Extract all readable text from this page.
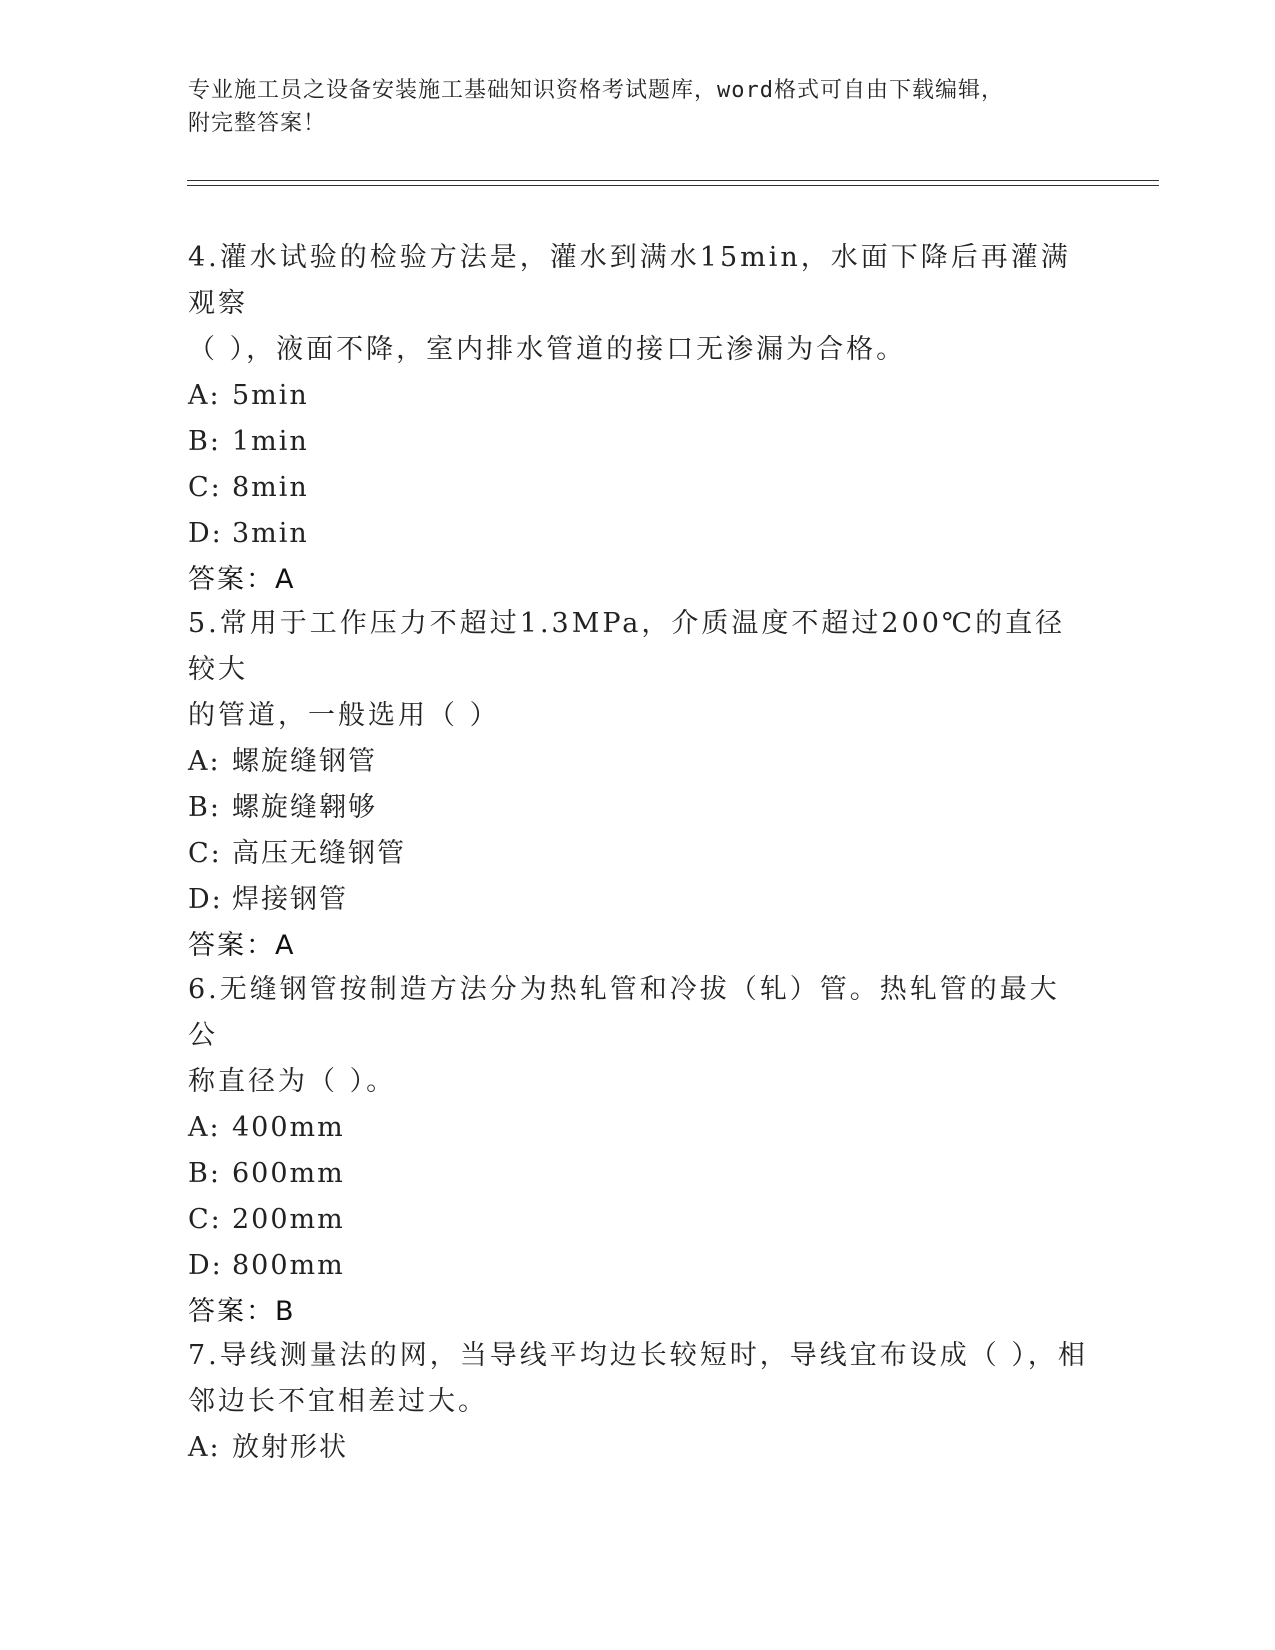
专业施工员之设备安装施工基础知识资格考试题库，word格式可自由下载编辑，
附完整答案！

4.灌水试验的检验方法是，灌水到满水15min，水面下降后再灌满观察

（ ），液面不降，室内排水管道的接口无渗漏为合格。

A: 5min

B: 1min

C: 8min

D: 3min

答案：A

5.常用于工作压力不超过1.3MPa，介质温度不超过200℃的直径较大

的管道，一般选用（ ）

A: 螺旋缝钢管

B: 螺旋缝翱够

C: 高压无缝钢管

D: 焊接钢管

答案：A

6.无缝钢管按制造方法分为热轧管和冷拔（轧）管。热轧管的最大公

称直径为（ ）。

A: 400mm

B: 600mm

C: 200mm

D: 800mm

答案：B

7.导线测量法的网，当导线平均边长较短时，导线宜布设成（ ），相

邻边长不宜相差过大。

A: 放射形状
